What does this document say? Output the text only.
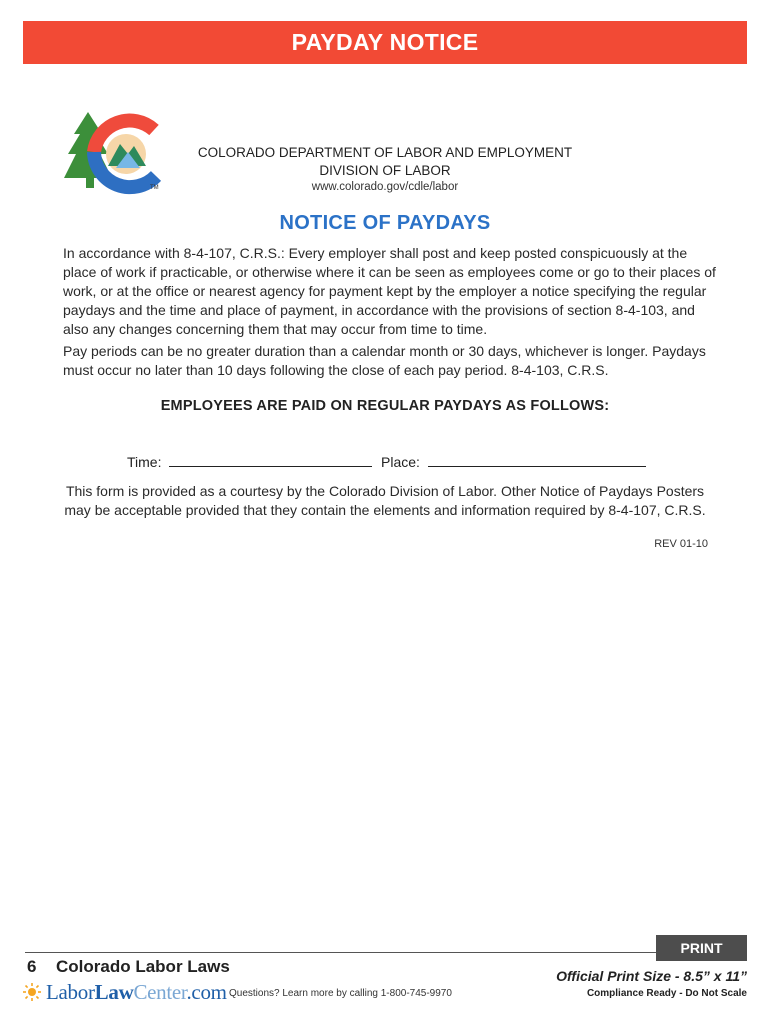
PAYDAY NOTICE
TM
COLORADO DEPARTMENT OF LABOR AND EMPLOYMENT
DIVISION OF LABOR
www.colorado.gov/cdle/labor
NOTICE OF PAYDAYS
In accordance with 8-4-107, C.R.S.: Every employer shall post and keep posted conspicuously at the place of work if practicable, or otherwise where it can be seen as employees come or go to their places of work, or at the office or nearest agency for payment kept by the employer a notice specifying the regular paydays and the time and place of payment, in accordance with the provisions of section 8-4-103, and also any changes concerning them that may occur from time to time.
Pay periods can be no greater duration than a calendar month or 30 days, whichever is longer. Paydays must occur no later than 10 days following the close of each pay period. 8-4-103, C.R.S.
EMPLOYEES ARE PAID ON REGULAR PAYDAYS AS FOLLOWS:
Time:	Place:
This form is provided as a courtesy by the Colorado Division of Labor. Other Notice of Paydays Posters may be acceptable provided that they contain the elements and information required by 8-4-107, C.R.S.
REV 01-10
PRINT
6 Colorado Labor Laws
LaborLawCenter.com Questions? Learn more by calling 1-800-745-9970
Official Print Size - 8.5” x 11”
Compliance Ready - Do Not Scale
